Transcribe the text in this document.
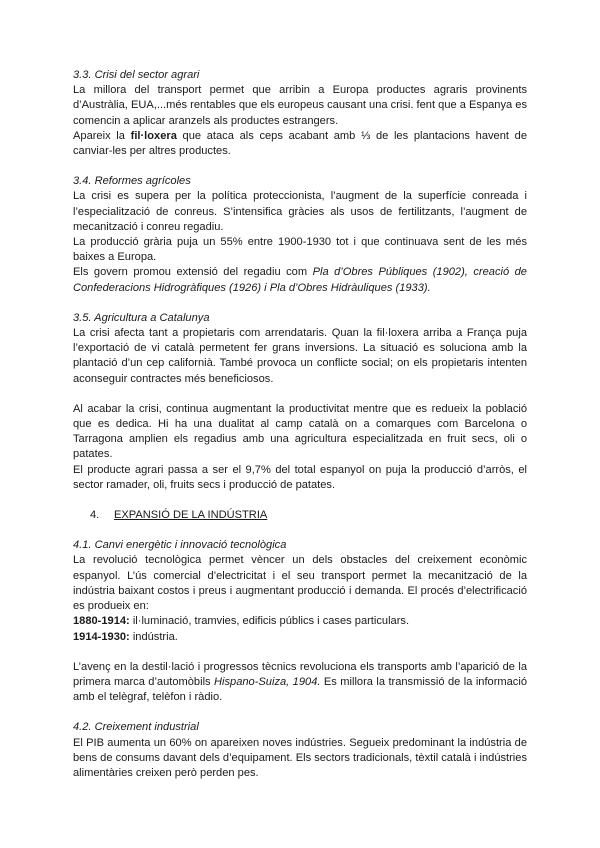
3.3. Crisi del sector agrari

La millora del transport permet que arribin a Europa productes agraris provinents d’Austràlia, EUA,...més rentables que els europeus causant una crisi. fent que a Espanya es comencin a aplicar aranzels als productes estrangers.

Apareix la fil·loxera que ataca als ceps acabant amb ⅓ de les plantacions havent de canviar-les per altres productes.

3.4. Reformes agrícoles

La crisi es supera per la política proteccionista, l’augment de la superfície conreada i l’especialització de conreus. S’intensifica gràcies als usos de fertilitzants, l’augment de mecanització i conreu regadiu.

La producció grària puja un 55% entre 1900-1930 tot i que continuava sent de les més baixes a Europa.

Els govern promou extensió del regadiu com Pla d’Obres Públiques (1902), creació de Confederacions Hidrogràfiques (1926) i Pla d’Obres Hidràuliques (1933).

3.5. Agricultura a Catalunya

La crisi afecta tant a propietaris com arrendataris. Quan la fil·loxera arriba a França puja l’exportació de vi català permetent fer grans inversions. La situació es soluciona amb la plantació d’un cep californià. També provoca un conflicte social; on els propietaris intenten aconseguir contractes més beneficiosos.

Al acabar la crisi, continua augmentant la productivitat mentre que es redueix la població que es dedica. Hi ha una dualitat al camp català on a comarques com Barcelona o Tarragona amplien els regadius amb una agricultura especialitzada en fruit secs, oli o patates.

El producte agrari passa a ser el 9,7% del total espanyol on puja la producció d’arròs, el sector ramader, oli, fruits secs i producció de patates.

4. EXPANSIÓ DE LA INDÚSTRIA

4.1. Canvi energètic i innovació tecnològica

La revolució tecnològica permet vèncer un dels obstacles del creixement econòmic espanyol. L’ús comercial d’electricitat i el seu transport permet la mecanització de la indústria baixant costos i preus i augmentant producció i demanda. El procés d’electrificació es produeix en:

1880-1914: il·luminació, tramvies, edificis públics i cases particulars.

1914-1930: indústria.

L’avenç en la destil·lació i progressos tècnics revoluciona els transports amb l’aparició de la primera marca d’automòbils Hispano-Suiza, 1904. Es millora la transmissió de la informació amb el telègraf, telèfon i ràdio.

4.2. Creixement industrial

El PIB aumenta un 60% on apareixen noves indústries. Segueix predominant la indústria de bens de consums davant dels d’equipament. Els sectors tradicionals, tèxtil català i indústries alimentàries creixen però perden pes.
